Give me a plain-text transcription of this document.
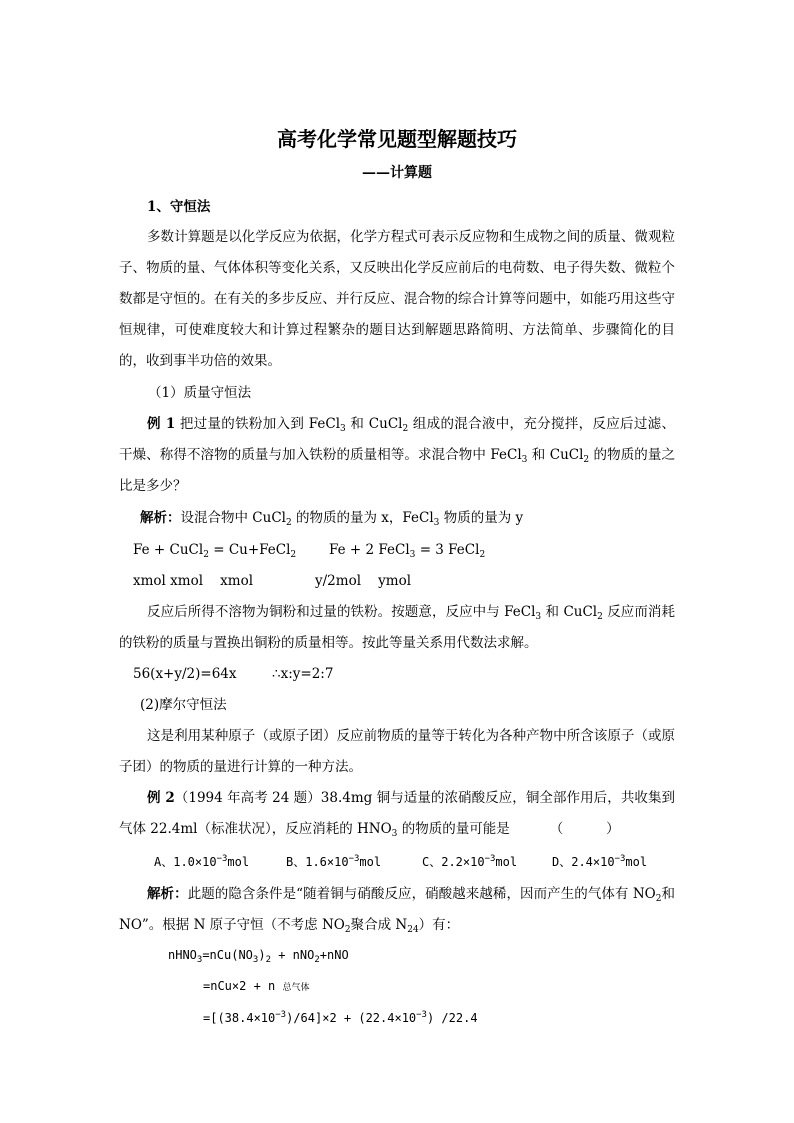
高考化学常见题型解题技巧
——计算题
1、守恒法
多数计算题是以化学反应为依据，化学方程式可表示反应物和生成物之间的质量、微观粒子、物质的量、气体体积等变化关系，又反映出化学反应前后的电荷数、电子得失数、微粒个数都是守恒的。在有关的多步反应、并行反应、混合物的综合计算等问题中，如能巧用这些守恒规律，可使难度较大和计算过程繁杂的题目达到解题思路简明、方法简单、步骤简化的目的，收到事半功倍的效果。
（1）质量守恒法
例 1 把过量的铁粉加入到 FeCl$_3$ 和 CuCl$_2$ 组成的混合液中，充分搅拌，反应后过滤、干燥、称得不溶物的质量与加入铁粉的质量相等。求混合物中 FeCl$_3$ 和 CuCl$_2$ 的物质的量之比是多少？
解析：设混合物中 CuCl$_2$ 的物质的量为 x，FeCl$_3$ 物质的量为 y
Fe + CuCl$_2$ = Cu+FeCl$_2$ Fe + 2 FeCl$_3$ = 3 FeCl$_2$
xmol xmol    xmol	y/2mol    ymol
反应后所得不溶物为铜粉和过量的铁粉。按题意，反应中与 FeCl$_3$ 和 CuCl$_2$ 反应而消耗的铁粉的质量与置换出铜粉的质量相等。按此等量关系用代数法求解。
56(x+y/2)=64x	∴x:y=2:7
(2)摩尔守恒法
这是利用某种原子（或原子团）反应前物质的量等于转化为各种产物中所含该原子（或原子团）的物质的量进行计算的一种方法。
例 2（1994 年高考 24 题）38.4mg 铜与适量的浓硝酸反应，铜全部作用后，共收集到气体 22.4ml（标准状况），反应消耗的 $HNO_3$ 的物质的量可能是	（          ）
A、$1.0\times 10^{-3}mol$	B、$1.6\times 10^{-3}mol$	C、$2.2\times 10^{-3}mol$	D、$2.4\times 10^{-3}mol$
解析：此题的隐含条件是“随着铜与硝酸反应，硝酸越来越稀，因而产生的气体有 $NO_2$和 NO”。根据 N 原子守恒（不考虑 $NO_2$聚合成 $N_{24}$）有：
$nHNO_3=nCu(NO_3)_2 + nNO_2+nNO$
=nCu×2 + n 总气体
$=[(38.4\times 10^{-3})/64]\times 2 + (22.4\times 10^{-3})$ /22.4
